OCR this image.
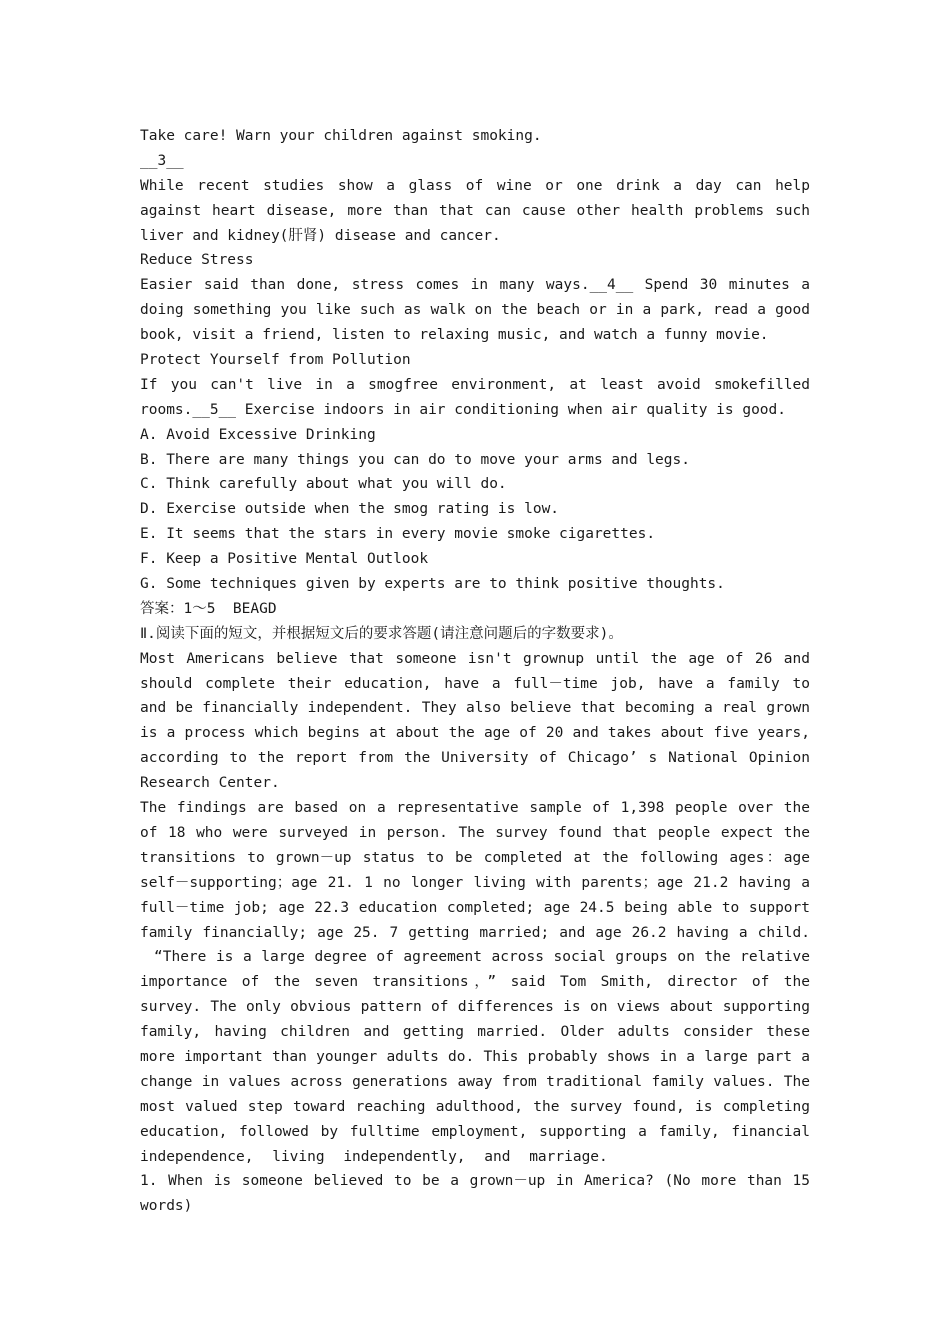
Take care! Warn your children against smoking.
__3__
While recent studies show a glass of wine or one drink a day can help
against heart disease, more than that can cause other health problems such
liver and kidney(肝肾) disease and cancer.
Reduce Stress
Easier said than done, stress comes in many ways.__4__ Spend 30 minutes a
doing something you like such as walk on the beach or in a park, read a good
book, visit a friend, listen to relaxing music, and watch a funny movie.
Protect Yourself from Pollution
If you can't live in a smogfree environment, at least avoid smokefilled
rooms.__5__ Exercise indoors in air conditioning when air quality is good.
A. Avoid Excessive Drinking
B. There are many things you can do to move your arms and legs.
C. Think carefully about what you will do.
D. Exercise outside when the smog rating is low.
E. It seems that the stars in every movie smoke cigarettes.
F. Keep a Positive Mental Outlook
G. Some techniques given by experts are to think positive thoughts.
答案：1～5  BEAGD
Ⅱ.阅读下面的短文，并根据短文后的要求答题(请注意问题后的字数要求)。
Most Americans believe that someone isn't grownup until the age of 26 and
should complete their education, have a full－time job, have a family to
and be financially independent. They also believe that becoming a real grown
is a process which begins at about the age of 20 and takes about five years,
according to the report from the University of Chicago’ s National Opinion
Research Center.
The findings are based on a representative sample of 1,398 people over the
of 18 who were surveyed in person. The survey found that people expect the
transitions to grown－up status to be completed at the following ages：age
self－supporting；age 21. 1 no longer living with parents；age 21.2 having a
full－time job; age 22.3 education completed; age 24.5 being able to support
family financially; age 25. 7 getting married; and age 26.2 having a child.
“There is a large degree of agreement across social groups on the relative
importance of the seven transitions，” said Tom Smith, director of the
survey. The only obvious pattern of differences is on views about supporting
family, having children and getting married. Older adults consider these
more important than younger adults do. This probably shows in a large part a
change in values across generations away from traditional family values. The
most valued step toward reaching adulthood, the survey found, is completing
education, followed by fulltime employment, supporting a family, financial
independence, living independently, and marriage.
1. When is someone believed to be a grown－up in America? (No more than 15
words)
